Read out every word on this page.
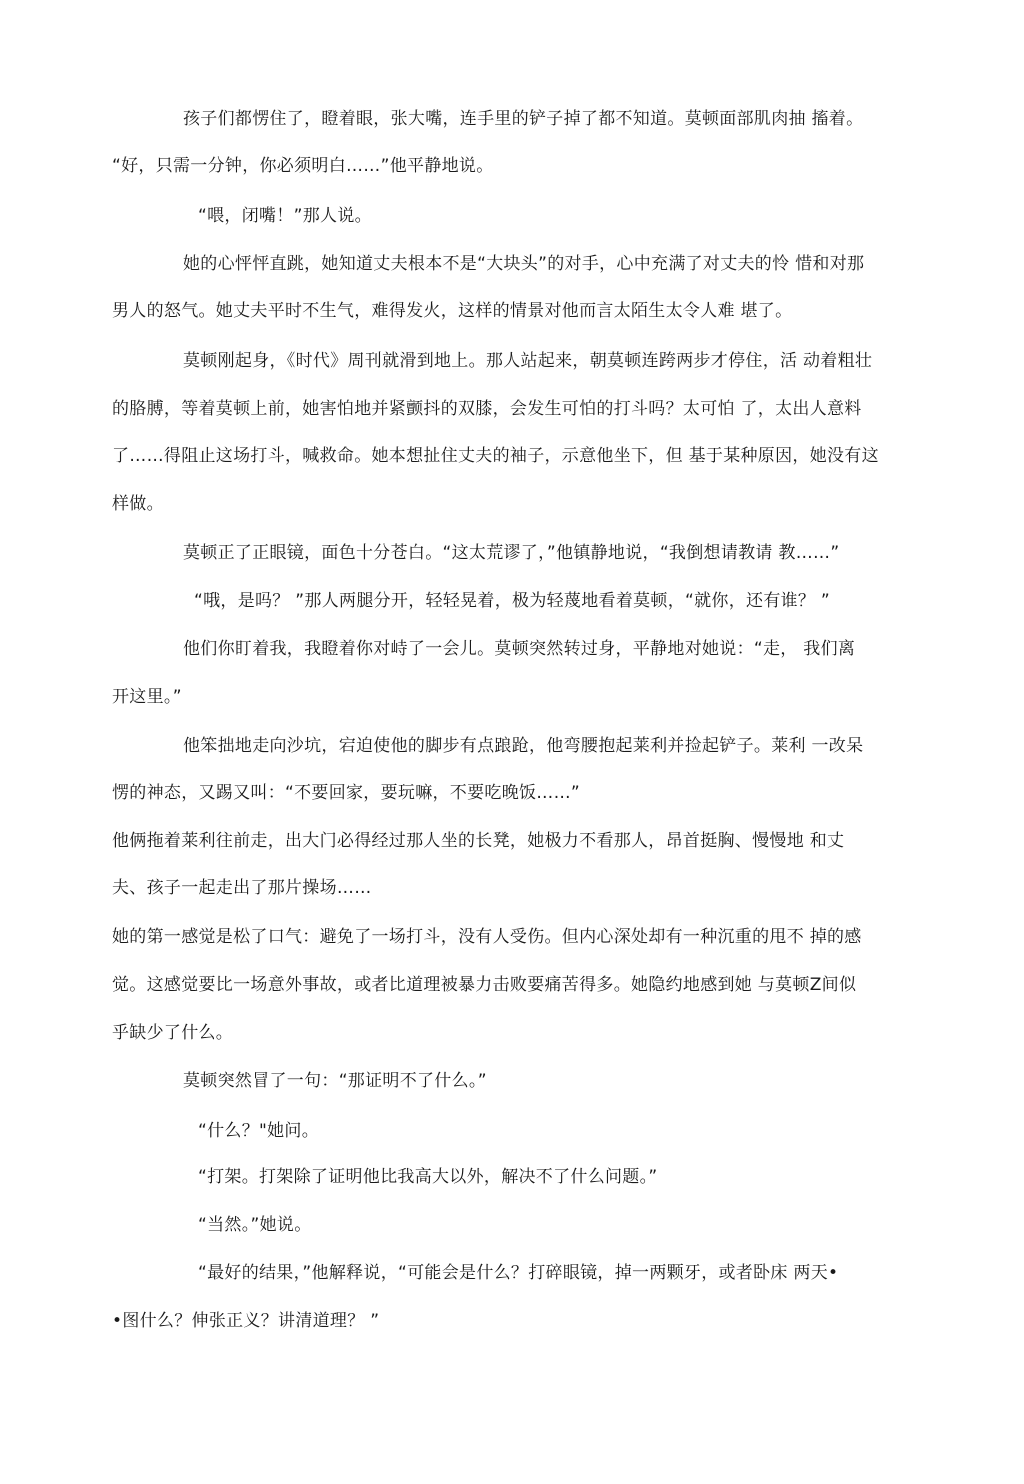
孩子们都愣住了，瞪着眼，张大嘴，连手里的铲子掉了都不知道。莫顿面部肌肉抽 搐着。
“好，只需一分钟，你必须明白……”他平静地说。
“喂，闭嘴！”那人说。
她的心怦怦直跳，她知道丈夫根本不是“大块头”的对手，心中充满了对丈夫的怜 惜和对那
男人的怒气。她丈夫平时不生气，难得发火，这样的情景对他而言太陌生太令人难 堪了。
莫顿刚起身，《时代》周刊就滑到地上。那人站起来，朝莫顿连跨两步才停住，活 动着粗壮
的胳膊，等着莫顿上前，她害怕地并紧颤抖的双膝，会发生可怕的打斗吗？太可怕 了，太出人意料
了……得阻止这场打斗，喊救命。她本想扯住丈夫的袖子，示意他坐下，但 基于某种原因，她没有这
样做。
莫顿正了正眼镜，面色十分苍白。“这太荒谬了，”他镇静地说，“我倒想请教请 教……”
“哦，是吗？ ”那人两腿分开，轻轻晃着，极为轻蔑地看着莫顿，“就你，还有谁？ ”
他们你盯着我，我瞪着你对峙了一会儿。莫顿突然转过身，平静地对她说：“走， 我们离
开这里。”
他笨拙地走向沙坑，宕迫使他的脚步有点踉跄，他弯腰抱起莱利并捡起铲子。莱利 一改呆
愣的神态，又踢又叫：“不要回家，要玩嘛，不要吃晚饭……”
他俩拖着莱利往前走，出大门必得经过那人坐的长凳，她极力不看那人，昂首挺胸、慢慢地 和丈
夫、孩子一起走出了那片操场……
她的第一感觉是松了口气：避免了一场打斗，没有人受伤。但内心深处却有一种沉重的甩不 掉的感
觉。这感觉要比一场意外事故，或者比道理被暴力击败要痛苦得多。她隐约地感到她 与莫顿Z间似
乎缺少了什么。
莫顿突然冒了一句：“那证明不了什么。”
“什么？"她问。
“打架。打架除了证明他比我高大以外，解决不了什么问题。”
“当然。”她说。
“最好的结果，”他解释说，“可能会是什么？打碎眼镜，掉一两颗牙，或者卧床 两天•
•图什么？伸张正义？讲清道理？ ”
